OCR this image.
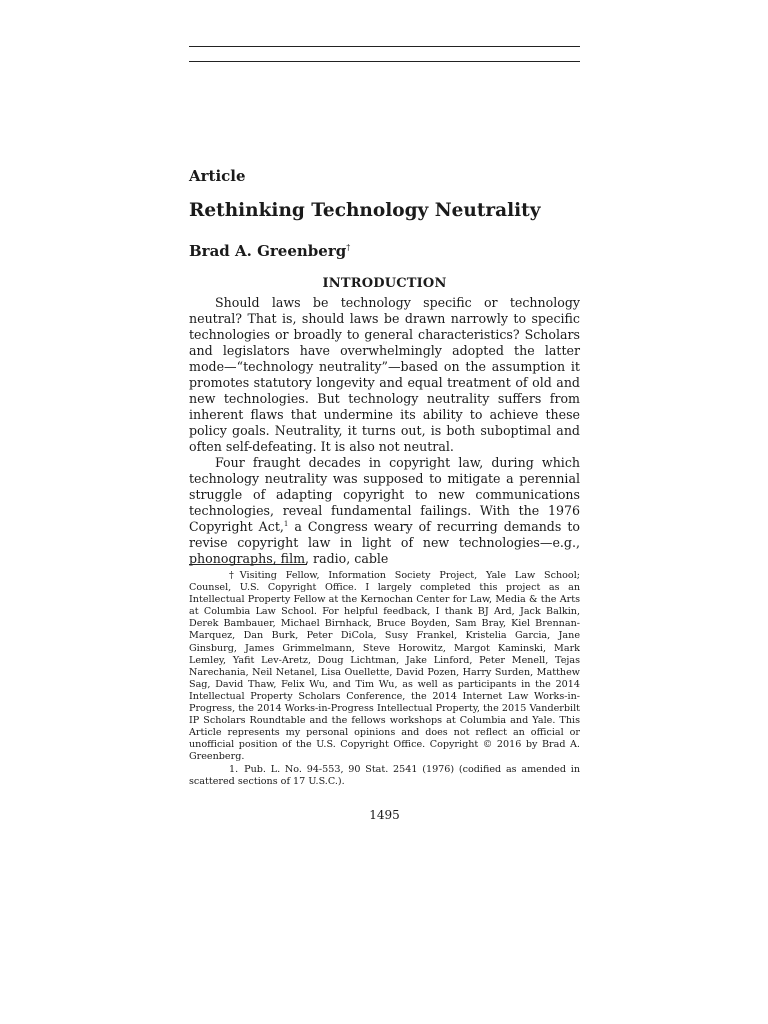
Article
Rethinking Technology Neutrality
Brad A. Greenberg†
INTRODUCTION

Should laws be technology specific or technology neutral? That is, should laws be drawn narrowly to specific technologies or broadly to general characteristics? Scholars and legislators have overwhelmingly adopted the latter mode—“technology neutrality”—based on the assumption it promotes statutory longevity and equal treatment of old and new technologies. But technology neutrality suffers from inherent flaws that undermine its ability to achieve these policy goals. Neutrality, it turns out, is both suboptimal and often self-defeating. It is also not neutral.

Four fraught decades in copyright law, during which technology neutrality was supposed to mitigate a perennial struggle of adapting copyright to new communications technologies, reveal fundamental failings. With the 1976 Copyright Act,$^1$ a Congress weary of recurring demands to revise copyright law in light of new technologies—e.g., phonographs, film, radio, cable

† Visiting Fellow, Information Society Project, Yale Law School; Counsel, U.S. Copyright Office. I largely completed this project as an Intellectual Property Fellow at the Kernochan Center for Law, Media & the Arts at Columbia Law School. For helpful feedback, I thank BJ Ard, Jack Balkin, Derek Bambauer, Michael Birnhack, Bruce Boyden, Sam Bray, Kiel Brennan-Marquez, Dan Burk, Peter DiCola, Susy Frankel, Kristelia Garcia, Jane Ginsburg, James Grimmelmann, Steve Horowitz, Margot Kaminski, Mark Lemley, Yafit Lev-Aretz, Doug Lichtman, Jake Linford, Peter Menell, Tejas Narechania, Neil Netanel, Lisa Ouellette, David Pozen, Harry Surden, Matthew Sag, David Thaw, Felix Wu, and Tim Wu, as well as participants in the 2014 Intellectual Property Scholars Conference, the 2014 Internet Law Works-in-Progress, the 2014 Works-in-Progress Intellectual Property, the 2015 Vanderbilt IP Scholars Roundtable and the fellows workshops at Columbia and Yale. This Article represents my personal opinions and does not reflect an official or unofficial position of the U.S. Copyright Office. Copyright © 2016 by Brad A. Greenberg.

1. Pub. L. No. 94-553, 90 Stat. 2541 (1976) (codified as amended in scattered sections of 17 U.S.C.).

1495
